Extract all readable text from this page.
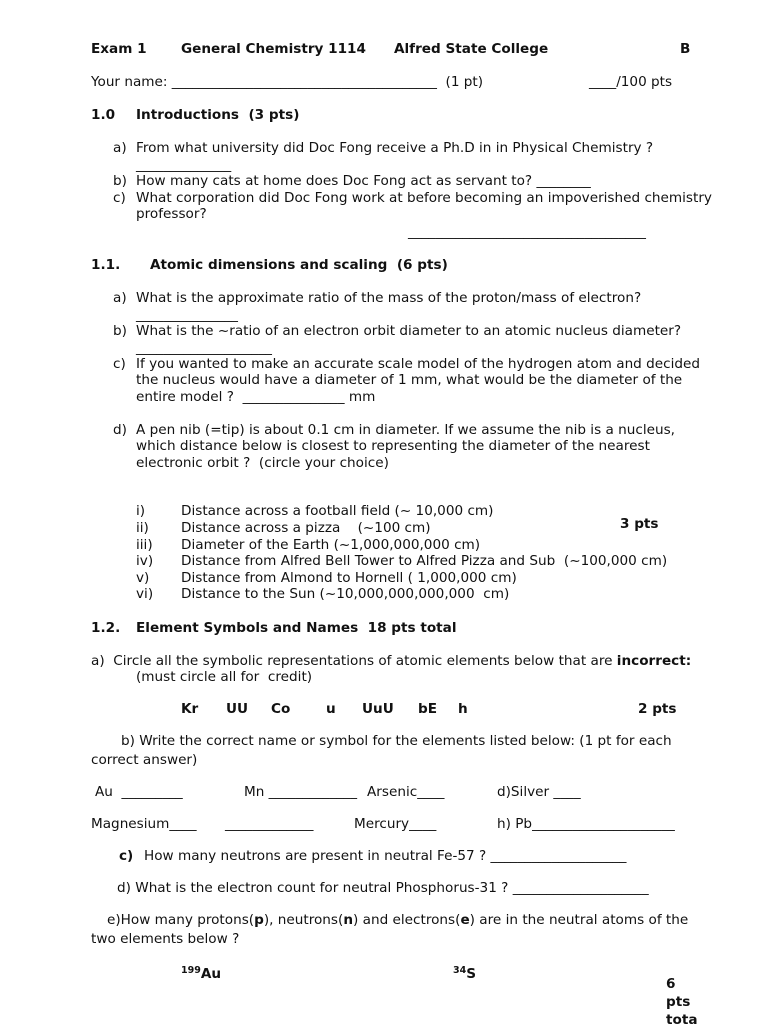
Exam 1	General Chemistry 1114 Alfred State College	B
Your name: _______________________________________  (1 pt)	____/100 pts
1.0 Introductions  (3 pts)
a) From what university did Doc Fong receive a Ph.D in in Physical Chemistry ?
______________
b) How many cats at home does Doc Fong act as servant to? ________
c) What corporation did Doc Fong work at before becoming an impoverished chemistry
professor?
___________________________________
1.1. Atomic dimensions and scaling  (6 pts)
a) What is the approximate ratio of the mass of the proton/mass of electron?
_______________
b) What is the ~ratio of an electron orbit diameter to an atomic nucleus diameter?
____________________
c) If you wanted to make an accurate scale model of the hydrogen atom and decided
the nucleus would have a diameter of 1 mm, what would be the diameter of the
entire model ?  _______________ mm
d) A pen nib (=tip) is about 0.1 cm in diameter. If we assume the nib is a nucleus,
which distance below is closest to representing the diameter of the nearest
electronic orbit ?  (circle your choice)
i)	Distance across a football field (~ 10,000 cm)
ii) Distance across a pizza    (~100 cm)
iii) Diameter of the Earth (~1,000,000,000 cm)
iv) Distance from Alfred Bell Tower to Alfred Pizza and Sub  (~100,000 cm)
v) Distance from Almond to Hornell ( 1,000,000 cm)
vi) Distance to the Sun (~10,000,000,000,000  cm)
3 pts
1.2. Element Symbols and Names  18 pts total
a)  Circle all the symbolic representations of atomic elements below that are incorrect:
(must circle all for  credit)
Kr UU Co	u UuU bE h	2 pts
b) Write the correct name or symbol for the elements listed below: (1 pt for each
correct answer)
Au  _________	Mn _____________ Arsenic____	d)Silver ____
Magnesium____ _____________	Mercury____	h) Pb_____________________
c) How many neutrons are present in neutral Fe-57 ? ____________________
d) What is the electron count for neutral Phosphorus-31 ? ____________________
e)How many protons(p), neutrons(n) and electrons(e) are in the neutral atoms of the
two elements below ?
$^{199}$Au	$^{34}$S
6
pts
tota
